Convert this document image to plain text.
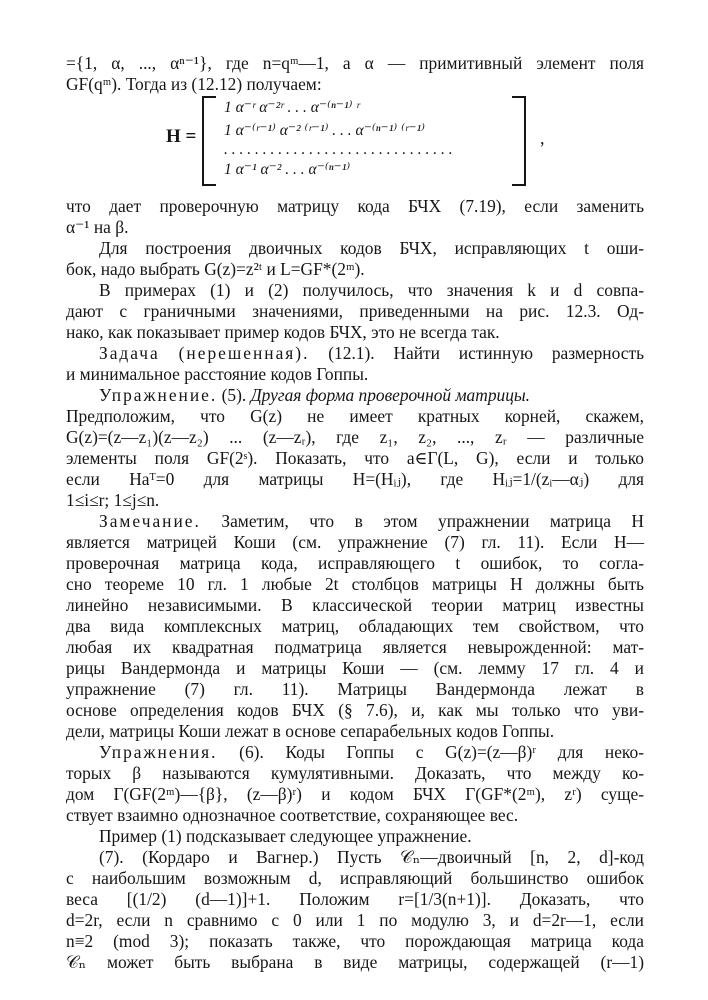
={1, α, ..., αⁿ⁻¹}, где n=qᵐ—1, а α — примитивный элемент поля
GF(qᵐ). Тогда из (12.12) получаем:
H =
1 α⁻ʳ α⁻²ʳ . . . α⁻⁽ⁿ⁻¹⁾ ʳ
1 α⁻⁽ʳ⁻¹⁾ α⁻² ⁽ʳ⁻¹⁾ . . . α⁻⁽ⁿ⁻¹⁾ ⁽ʳ⁻¹⁾
. . . . . . . . . . . . . . . . . . . . . . . . . . . . . .
1 α⁻¹ α⁻² . . . α⁻⁽ⁿ⁻¹⁾
,
что дает проверочную матрицу кода БЧХ (7.19), если заменить
α⁻¹ на β.
Для построения двоичных кодов БЧХ, исправляющих t оши-
бок, надо выбрать G(z)=z²ᵗ и L=GF*(2ᵐ).
В примерах (1) и (2) получилось, что значения k и d совпа-
дают с граничными значениями, приведенными на рис. 12.3. Од-
нако, как показывает пример кодов БЧХ, это не всегда так.
Задача (нерешенная). (12.1). Найти истинную размерность
и минимальное расстояние кодов Гоппы.
Упражнение. (5). Другая форма проверочной матрицы.
Предположим, что G(z) не имеет кратных корней, скажем,
G(z)=(z—z₁)(z—z₂) ... (z—zᵣ), где z₁, z₂, ..., zᵣ — различные
элементы поля GF(2ˢ). Показать, что a∈Γ(L, G), если и только
если Haᵀ=0 для матрицы H=(Hᵢⱼ), где Hᵢⱼ=1/(zᵢ—αⱼ) для
1≤i≤r; 1≤j≤n.
Замечание. Заметим, что в этом упражнении матрица H
является матрицей Коши (см. упражнение (7) гл. 11). Если H—
проверочная матрица кода, исправляющего t ошибок, то согла-
сно теореме 10 гл. 1 любые 2t столбцов матрицы H должны быть
линейно независимыми. В классической теории матриц известны
два вида комплексных матриц, обладающих тем свойством, что
любая их квадратная подматрица является невырожденной: мат-
рицы Вандермонда и матрицы Коши — (см. лемму 17 гл. 4 и
упражнение (7) гл. 11). Матрицы Вандермонда лежат в
основе определения кодов БЧХ (§ 7.6), и, как мы только что уви-
дели, матрицы Коши лежат в основе сепарабельных кодов Гоппы.
Упражнения. (6). Коды Гоппы с G(z)=(z—β)ʳ для неко-
торых β называются кумулятивными. Доказать, что между ко-
дом Γ(GF(2ᵐ)—{β}, (z—β)ʳ) и кодом БЧХ Γ(GF*(2ᵐ), zʳ) суще-
ствует взаимно однозначное соответствие, сохраняющее вес.
Пример (1) подсказывает следующее упражнение.
(7). (Кордаро и Вагнер.) Пусть 𝒞ₙ—двоичный [n, 2, d]-код
с наибольшим возможным d, исправляющий большинство ошибок
веса [(1/2) (d—1)]+1. Положим r=[1/3(n+1)]. Доказать, что
d=2r, если n сравнимо с 0 или 1 по модулю 3, и d=2r—1, если
n≡2 (mod 3); показать также, что порождающая матрица кода
𝒞ₙ может быть выбрана в виде матрицы, содержащей (r—1)
